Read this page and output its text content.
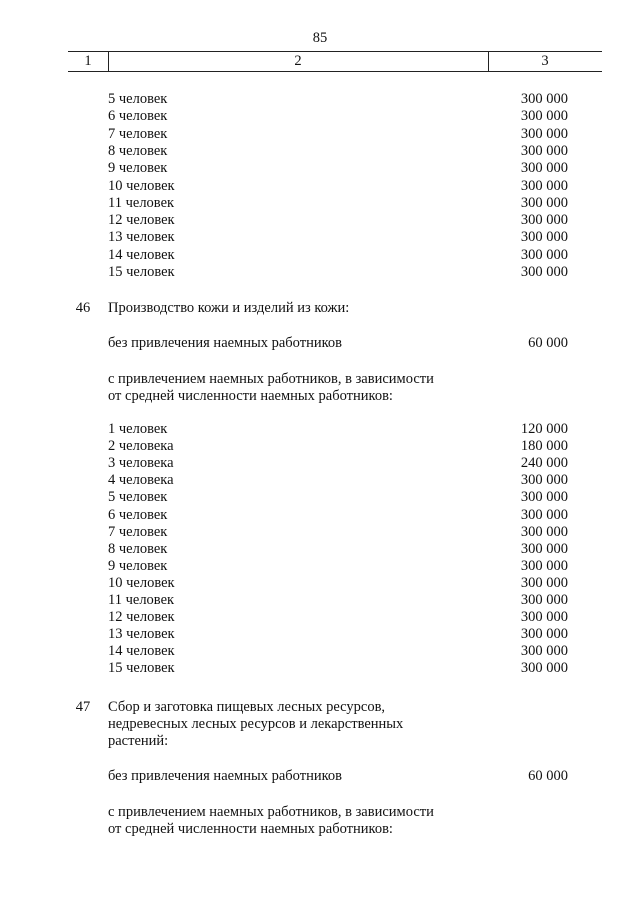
85
1	2	3
5 человек	300 000
6 человек	300 000
7 человек	300 000
8 человек	300 000
9 человек	300 000
10 человек	300 000
11 человек	300 000
12 человек	300 000
13 человек	300 000
14 человек	300 000
15 человек	300 000
46	Производство кожи и изделий из кожи:
без привлечения наемных работников	60 000
с привлечением наемных работников, в зависимости
от средней численности наемных работников:
1 человек	120 000
2 человека	180 000
3 человека	240 000
4 человека	300 000
5 человек	300 000
6 человек	300 000
7 человек	300 000
8 человек	300 000
9 человек	300 000
10 человек	300 000
11 человек	300 000
12 человек	300 000
13 человек	300 000
14 человек	300 000
15 человек	300 000
47	Сбор и заготовка пищевых лесных ресурсов,
недревесных лесных ресурсов и лекарственных
растений:
без привлечения наемных работников	60 000
с привлечением наемных работников, в зависимости
от средней численности наемных работников:
